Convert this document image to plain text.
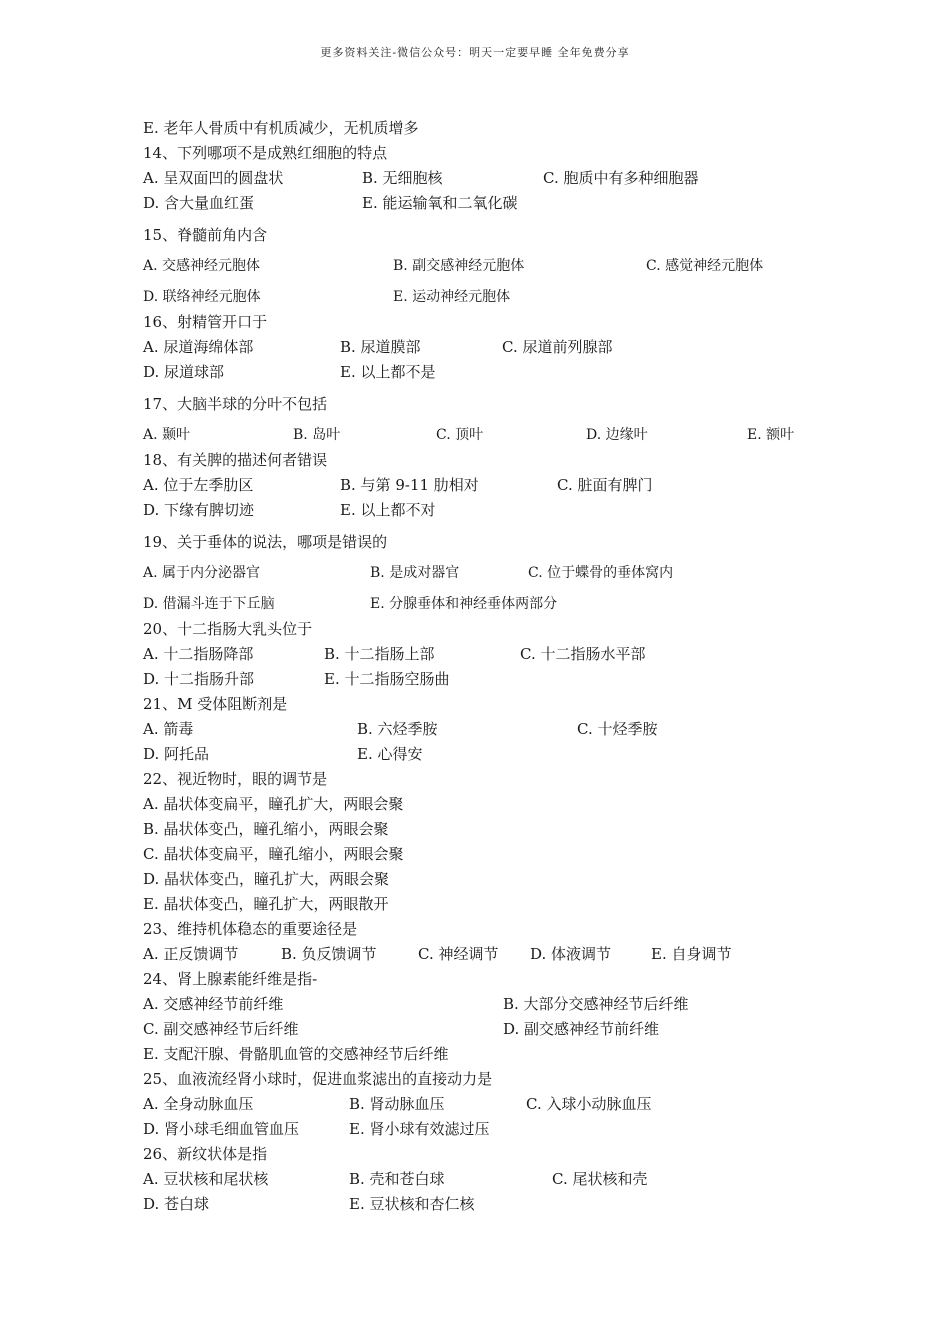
更多资料关注-微信公众号：明天一定要早睡 全年免费分享
E. 老年人骨质中有机质减少，无机质增多
14、下列哪项不是成熟红细胞的特点
A. 呈双面凹的圆盘状	B. 无细胞核	C. 胞质中有多种细胞器
D. 含大量血红蛋	E. 能运输氧和二氧化碳
15、脊髓前角内含
A. 交感神经元胞体	B. 副交感神经元胞体	C. 感觉神经元胞体
D. 联络神经元胞体	E. 运动神经元胞体
16、射精管开口于
A. 尿道海绵体部	B. 尿道膜部	C. 尿道前列腺部
D. 尿道球部	E. 以上都不是
17、大脑半球的分叶不包括
A. 颞叶	B. 岛叶	C. 顶叶	D. 边缘叶	E. 额叶
18、有关脾的描述何者错误
A. 位于左季肋区	B. 与第 9-11 肋相对	C. 脏面有脾门
D. 下缘有脾切迹	E. 以上都不对
19、关于垂体的说法，哪项是错误的
A. 属于内分泌器官	B. 是成对器官	C. 位于蝶骨的垂体窝内
D. 借漏斗连于下丘脑	E. 分腺垂体和神经垂体两部分
20、十二指肠大乳头位于
A. 十二指肠降部	B. 十二指肠上部	C. 十二指肠水平部
D. 十二指肠升部	E. 十二指肠空肠曲
21、M 受体阻断剂是
A. 箭毒	B. 六烃季胺	C. 十烃季胺
D. 阿托品	E. 心得安
22、视近物时，眼的调节是
A. 晶状体变扁平，瞳孔扩大，两眼会聚
B. 晶状体变凸，瞳孔缩小，两眼会聚
C. 晶状体变扁平，瞳孔缩小，两眼会聚
D. 晶状体变凸，瞳孔扩大，两眼会聚
E. 晶状体变凸，瞳孔扩大，两眼散开
23、维持机体稳态的重要途径是
A. 正反馈调节	B. 负反馈调节	C. 神经调节 D. 体液调节	E. 自身调节
24、肾上腺素能纤维是指-
A. 交感神经节前纤维	B. 大部分交感神经节后纤维
C. 副交感神经节后纤维	D. 副交感神经节前纤维
E. 支配汗腺、骨骼肌血管的交感神经节后纤维
25、血液流经肾小球时，促进血浆滤出的直接动力是
A. 全身动脉血压	B. 肾动脉血压	C. 入球小动脉血压
D. 肾小球毛细血管血压	E. 肾小球有效滤过压
26、新纹状体是指
A. 豆状核和尾状核	B. 壳和苍白球	C. 尾状核和壳
D. 苍白球	E. 豆状核和杏仁核
